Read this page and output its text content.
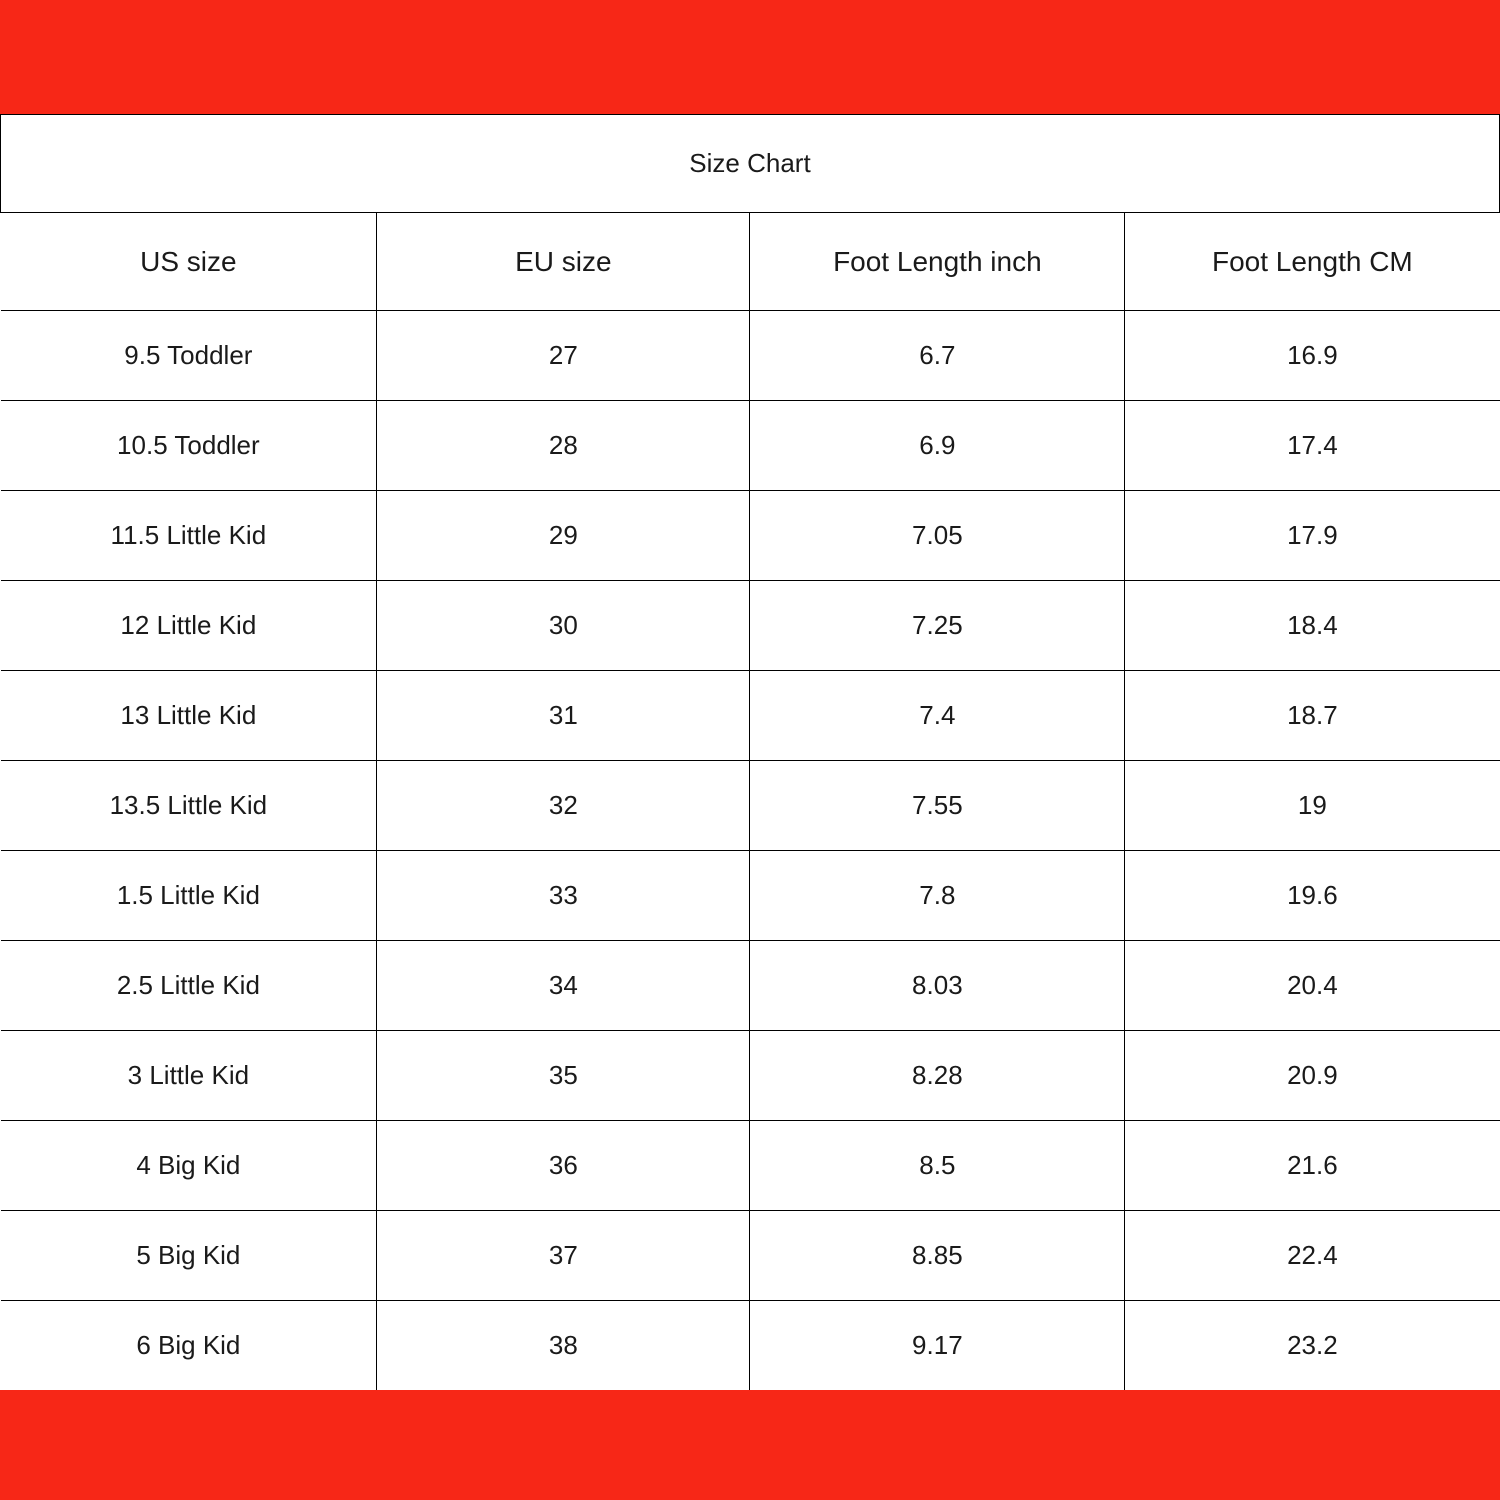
Size Chart			
US size	EU size	Foot Length inch	Foot Length CM
9.5 Toddler	27	6.7	16.9
10.5 Toddler	28	6.9	17.4
11.5 Little Kid	29	7.05	17.9
12 Little Kid	30	7.25	18.4
13 Little Kid	31	7.4	18.7
13.5 Little Kid	32	7.55	19
1.5 Little Kid	33	7.8	19.6
2.5 Little Kid	34	8.03	20.4
3 Little Kid	35	8.28	20.9
4 Big Kid	36	8.5	21.6
5 Big Kid	37	8.85	22.4
6 Big Kid	38	9.17	23.2
